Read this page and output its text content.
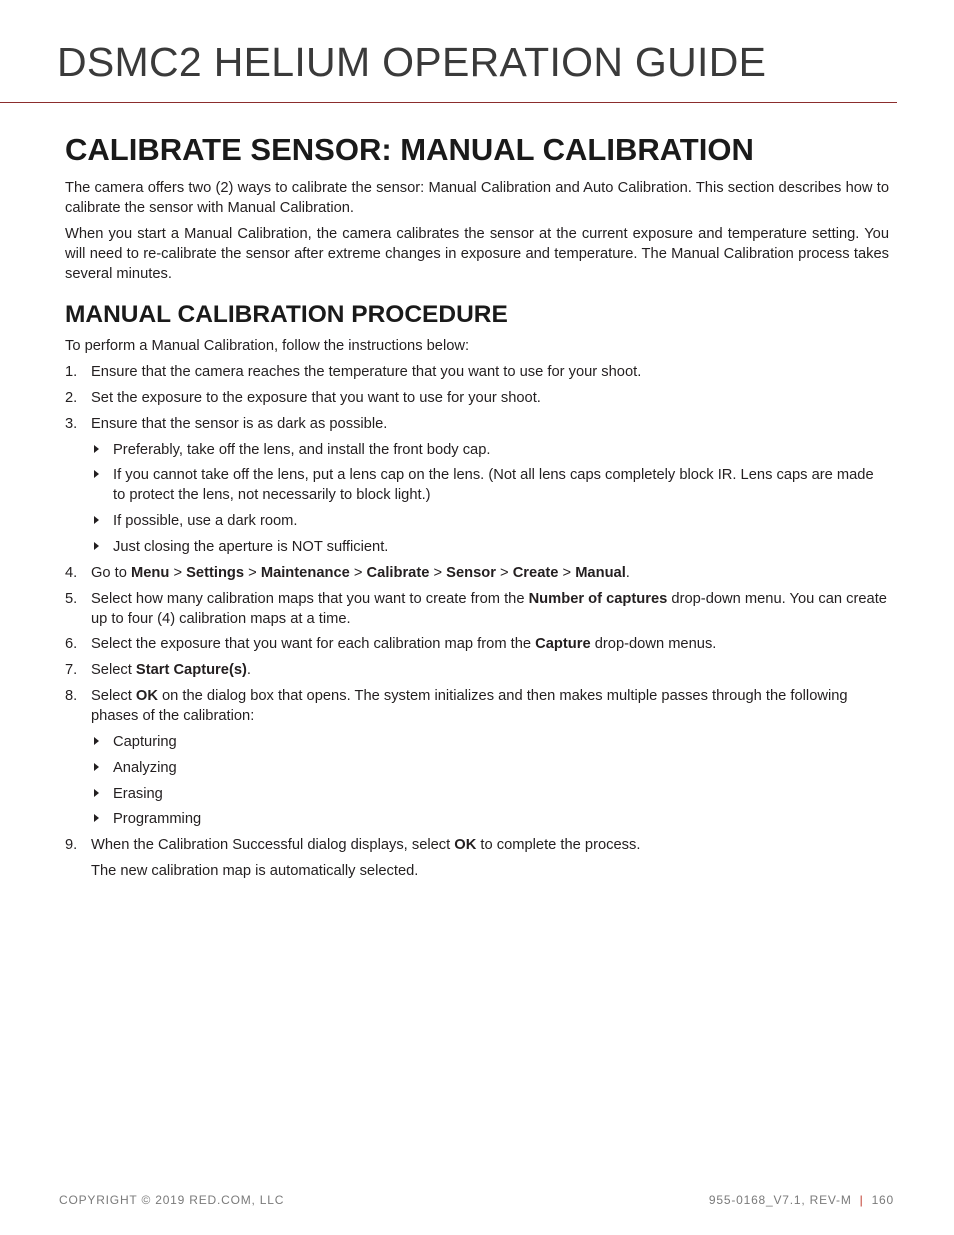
DSMC2 HELIUM OPERATION GUIDE
CALIBRATE SENSOR: MANUAL CALIBRATION

The camera offers two (2) ways to calibrate the sensor: Manual Calibration and Auto Calibration. This section describes how to calibrate the sensor with Manual Calibration.

When you start a Manual Calibration, the camera calibrates the sensor at the current exposure and temperature setting. You will need to re-calibrate the sensor after extreme changes in exposure and temperature. The Manual Calibration process takes several minutes.

MANUAL CALIBRATION PROCEDURE

To perform a Manual Calibration, follow the instructions below:

1. Ensure that the camera reaches the temperature that you want to use for your shoot.
2. Set the exposure to the exposure that you want to use for your shoot.
3. Ensure that the sensor is as dark as possible.
Preferably, take off the lens, and install the front body cap.
If you cannot take off the lens, put a lens cap on the lens. (Not all lens caps completely block IR. Lens caps are made to protect the lens, not necessarily to block light.)
If possible, use a dark room.
Just closing the aperture is NOT sufficient.
4. Go to Menu > Settings > Maintenance > Calibrate > Sensor > Create > Manual.
5. Select how many calibration maps that you want to create from the Number of captures drop-down menu. You can create up to four (4) calibration maps at a time.
6. Select the exposure that you want for each calibration map from the Capture drop-down menus.
7. Select Start Capture(s).
8. Select OK on the dialog box that opens. The system initializes and then makes multiple passes through the following phases of the calibration:
Capturing
Analyzing
Erasing
Programming
9. When the Calibration Successful dialog displays, select OK to complete the process.

The new calibration map is automatically selected.

COPYRIGHT © 2019 RED.COM, LLC	955-0168_V7.1, REV-M | 160
